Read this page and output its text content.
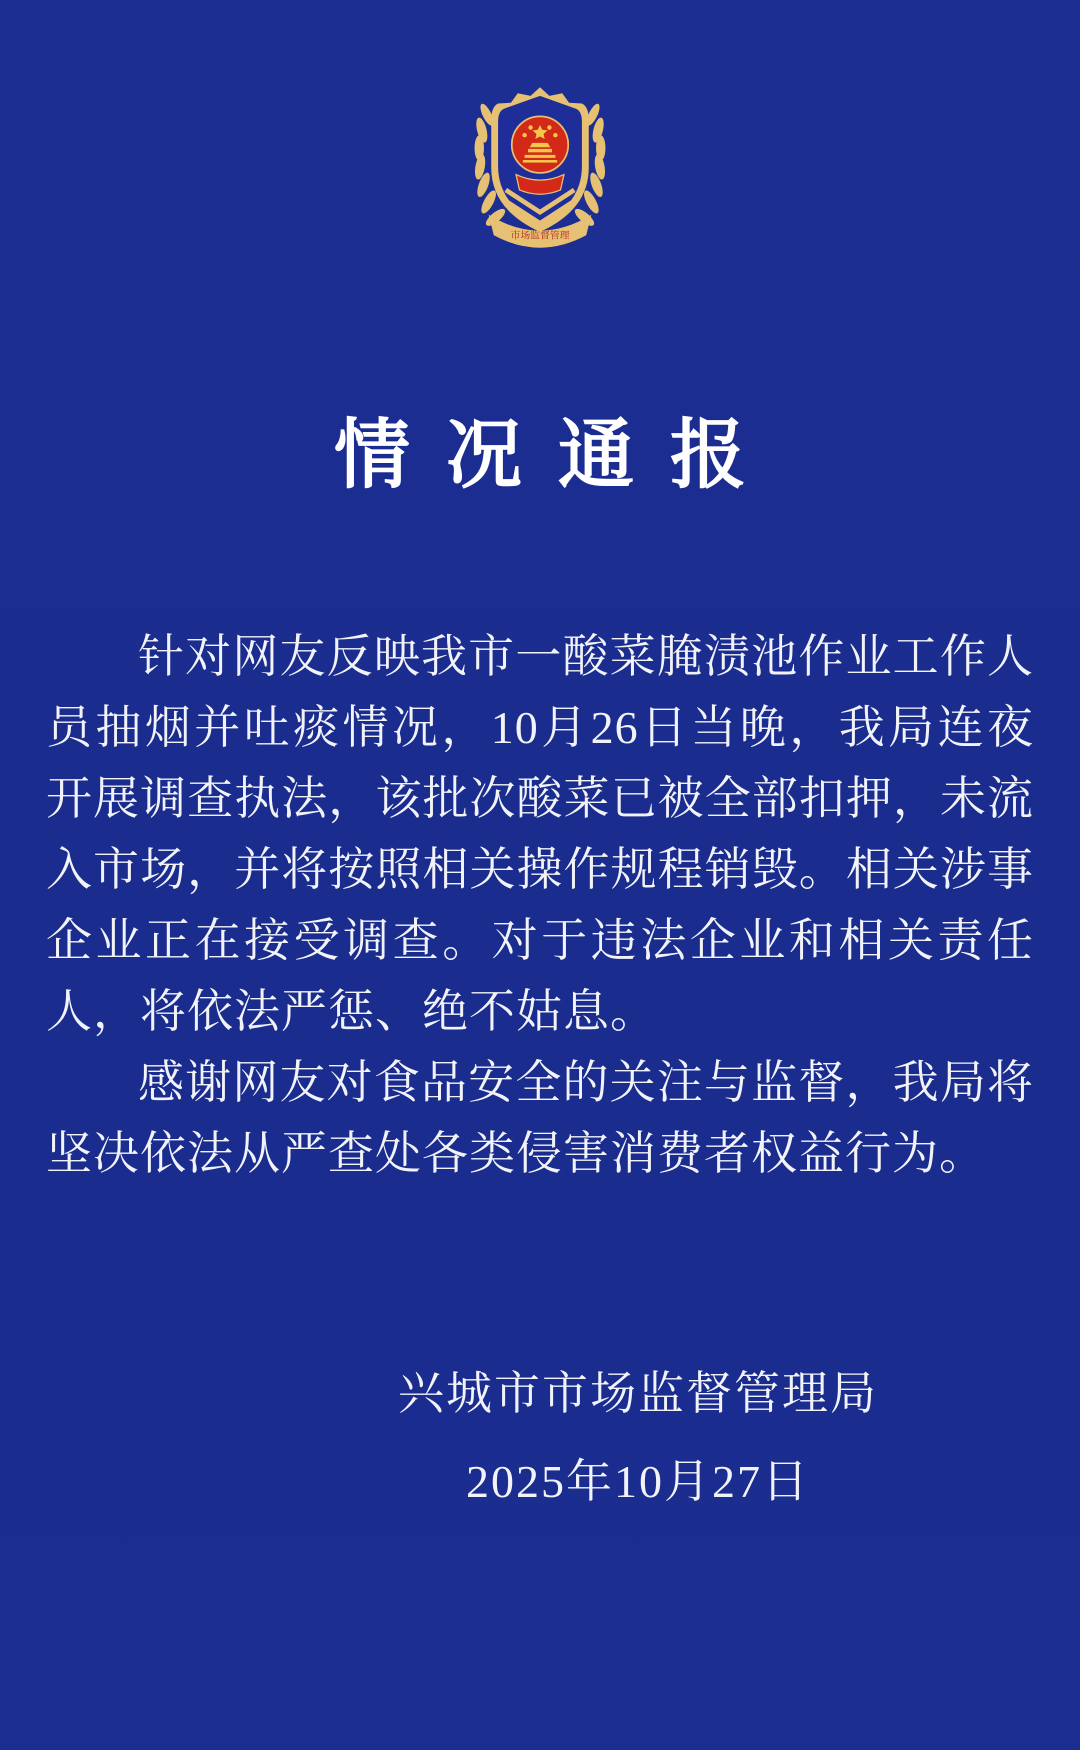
市场监督管理
情况通报

针对网友反映我市一酸菜腌渍池作业工作人员抽烟并吐痰情况，10月26日当晚，我局连夜开展调查执法，该批次酸菜已被全部扣押，未流入市场，并将按照相关操作规程销毁。相关涉事企业正在接受调查。对于违法企业和相关责任人，将依法严惩、绝不姑息。

感谢网友对食品安全的关注与监督，我局将坚决依法从严查处各类侵害消费者权益行为。

兴城市市场监督管理局
2025年10月27日
